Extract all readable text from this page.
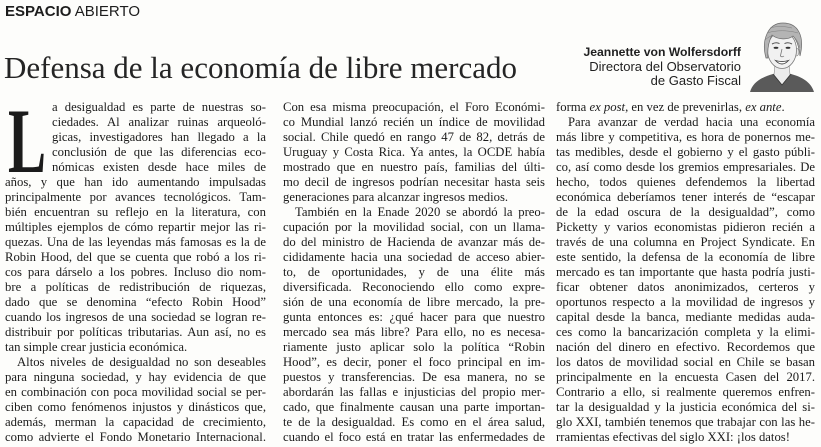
ESPACIO ABIERTO
Defensa de la economía de libre mercado	Jeannette von Wolfersdorff
Directora del Observatorio
de Gasto Fiscal
L a desigualdad es parte de nuestras so-
ciedades. Al analizar ruinas arqueoló-
gicas, investigadores han llegado a la
conclusión de que las diferencias eco-
nómicas existen desde hace miles de
años, y que han ido aumentando impulsadas
principalmente por avances tecnológicos. Tam-
bién encuentran su reflejo en la literatura, con
múltiples ejemplos de cómo repartir mejor las ri-
quezas. Una de las leyendas más famosas es la de
Robin Hood, del que se cuenta que robó a los ri-
cos para dárselo a los pobres. Incluso dio nom-
bre a políticas de redistribución de riquezas,
dado que se denomina “efecto Robin Hood”
cuando los ingresos de una sociedad se logran re-
distribuir por políticas tributarias. Aun así, no es
tan simple crear justicia económica.
Altos niveles de desigualdad no son deseables
para ninguna sociedad, y hay evidencia de que
en combinación con poca movilidad social se per-
ciben como fenómenos injustos y dinásticos que,
además, merman la capacidad de crecimiento,
como advierte el Fondo Monetario Internacional.
Con esa misma preocupación, el Foro Económi-
co Mundial lanzó recién un índice de movilidad
social. Chile quedó en rango 47 de 82, detrás de
Uruguay y Costa Rica. Ya antes, la OCDE había
mostrado que en nuestro país, familias del últi-
mo decil de ingresos podrían necesitar hasta seis
generaciones para alcanzar ingresos medios.
También en la Enade 2020 se abordó la preo-
cupación por la movilidad social, con un llama-
do del ministro de Hacienda de avanzar más de-
cididamente hacia una sociedad de acceso abier-
to, de oportunidades, y de una élite más
diversificada. Reconociendo ello como expre-
sión de una economía de libre mercado, la pre-
gunta entonces es: ¿qué hacer para que nuestro
mercado sea más libre? Para ello, no es necesa-
riamente justo aplicar solo la política “Robin
Hood”, es decir, poner el foco principal en im-
puestos y transferencias. De esa manera, no se
abordarán las fallas e injusticias del propio mer-
cado, que finalmente causan una parte importan-
te de la desigualdad. Es como en el área salud,
cuando el foco está en tratar las enfermedades de
forma ex post, en vez de prevenirlas, ex ante.
Para avanzar de verdad hacia una economía
más libre y competitiva, es hora de ponernos me-
tas medibles, desde el gobierno y el gasto públi-
co, así como desde los gremios empresariales. De
hecho, todos quienes defendemos la libertad
económica deberíamos tener interés de “escapar
de la edad oscura de la desigualdad”, como
Picketty y varios economistas pidieron recién a
través de una columna en Project Syndicate. En
este sentido, la defensa de la economía de libre
mercado es tan importante que hasta podría justi-
ficar obtener datos anonimizados, certeros y
oportunos respecto a la movilidad de ingresos y
capital desde la banca, mediante medidas auda-
ces como la bancarización completa y la elimi-
nación del dinero en efectivo. Recordemos que
los datos de movilidad social en Chile se basan
principalmente en la encuesta Casen del 2017.
Contrario a ello, si realmente queremos enfren-
tar la desigualdad y la justicia económica del si-
glo XXI, también tenemos que trabajar con las he-
rramientas efectivas del siglo XXI: ¡los datos!
